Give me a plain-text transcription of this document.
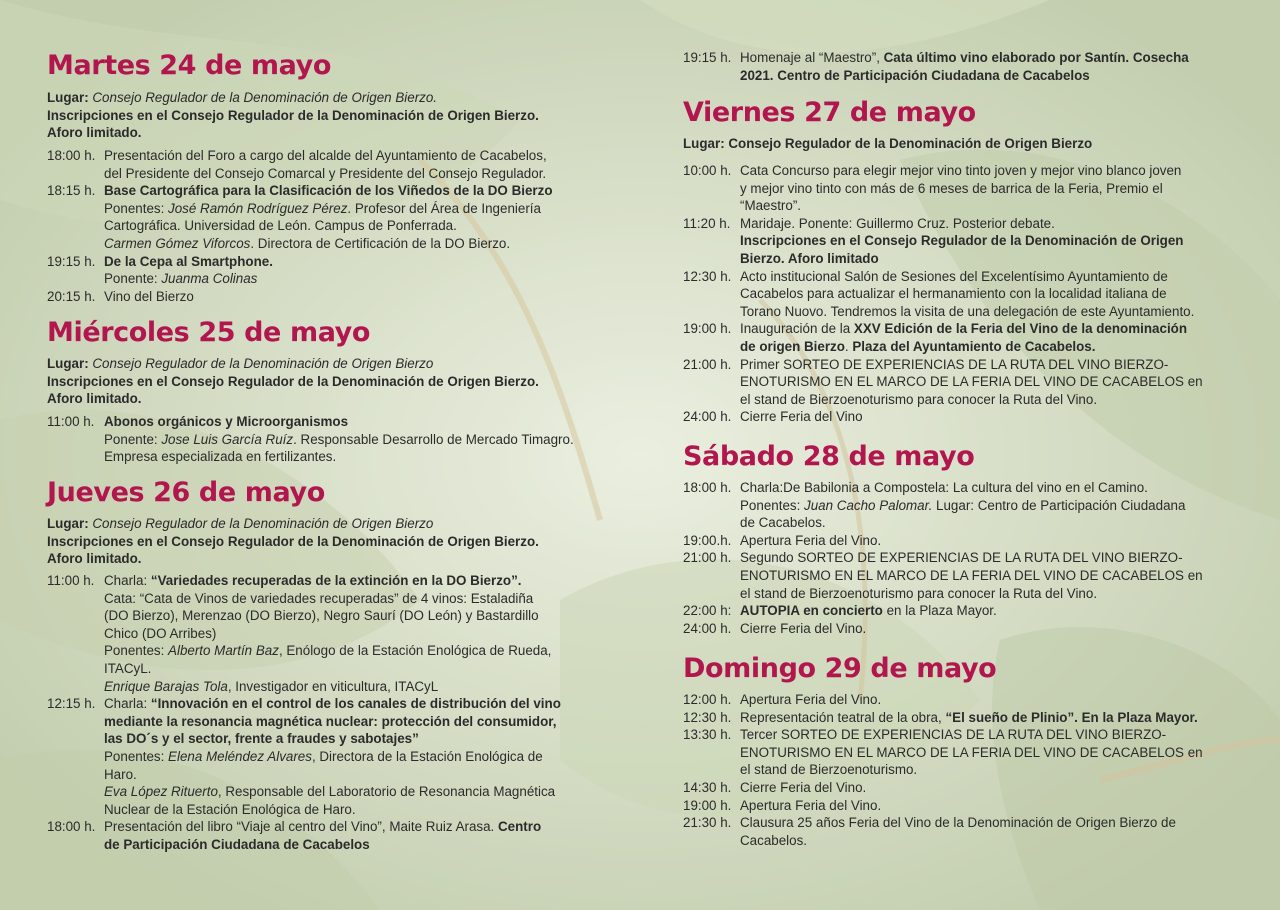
Martes 24 de mayo
Lugar: Consejo Regulador de la Denominación de Origen Bierzo.
Inscripciones en el Consejo Regulador de la Denominación de Origen Bierzo.
Aforo limitado.
18:00 h. Presentación del Foro a cargo del alcalde del Ayuntamiento de Cacabelos,
del Presidente del Consejo Comarcal y Presidente del Consejo Regulador.
18:15 h. Base Cartográfica para la Clasificación de los Viñedos de la DO Bierzo
Ponentes: José Ramón Rodríguez Pérez. Profesor del Área de Ingeniería
Cartográfica. Universidad de León. Campus de Ponferrada.
Carmen Gómez Viforcos. Directora de Certificación de la DO Bierzo.
19:15 h. De la Cepa al Smartphone.
Ponente: Juanma Colinas
20:15 h. Vino del Bierzo
Miércoles 25 de mayo
Lugar: Consejo Regulador de la Denominación de Origen Bierzo
Inscripciones en el Consejo Regulador de la Denominación de Origen Bierzo.
Aforo limitado.
11:00 h. Abonos orgánicos y Microorganismos
Ponente: Jose Luis García Ruíz. Responsable Desarrollo de Mercado Timagro.
Empresa especializada en fertilizantes.
Jueves 26 de mayo
Lugar: Consejo Regulador de la Denominación de Origen Bierzo
Inscripciones en el Consejo Regulador de la Denominación de Origen Bierzo.
Aforo limitado.
11:00 h. Charla: “Variedades recuperadas de la extinción en la DO Bierzo”.
Cata: “Cata de Vinos de variedades recuperadas” de 4 vinos: Estaladiña
(DO Bierzo), Merenzao (DO Bierzo), Negro Saurí (DO León) y Bastardillo
Chico (DO Arribes)
Ponentes: Alberto Martín Baz, Enólogo de la Estación Enológica de Rueda,
ITACyL.
Enrique Barajas Tola, Investigador en viticultura, ITACyL
12:15 h. Charla: “Innovación en el control de los canales de distribución del vino
mediante la resonancia magnética nuclear: protección del consumidor,
las DO´s y el sector, frente a fraudes y sabotajes”
Ponentes: Elena Meléndez Alvares, Directora de la Estación Enológica de
Haro.
Eva López Rituerto, Responsable del Laboratorio de Resonancia Magnética
Nuclear de la Estación Enológica de Haro.
18:00 h. Presentación del libro “Viaje al centro del Vino”, Maite Ruiz Arasa. Centro
de Participación Ciudadana de Cacabelos
19:15 h. Homenaje al “Maestro”, Cata último vino elaborado por Santín. Cosecha
2021. Centro de Participación Ciudadana de Cacabelos
Viernes 27 de mayo
Lugar: Consejo Regulador de la Denominación de Origen Bierzo
10:00 h. Cata Concurso para elegir mejor vino tinto joven y mejor vino blanco joven
y mejor vino tinto con más de 6 meses de barrica de la Feria, Premio el
“Maestro”.
11:20 h. Maridaje. Ponente: Guillermo Cruz. Posterior debate.
Inscripciones en el Consejo Regulador de la Denominación de Origen
Bierzo. Aforo limitado
12:30 h. Acto institucional Salón de Sesiones del Excelentísimo Ayuntamiento de
Cacabelos para actualizar el hermanamiento con la localidad italiana de
Torano Nuovo. Tendremos la visita de una delegación de este Ayuntamiento.
19:00 h. Inauguración de la XXV Edición de la Feria del Vino de la denominación
de origen Bierzo. Plaza del Ayuntamiento de Cacabelos.
21:00 h. Primer SORTEO DE EXPERIENCIAS DE LA RUTA DEL VINO BIERZO-
ENOTURISMO EN EL MARCO DE LA FERIA DEL VINO DE CACABELOS en
el stand de Bierzoenoturismo para conocer la Ruta del Vino.
24:00 h. Cierre Feria del Vino
Sábado 28 de mayo
18:00 h. Charla:De Babilonia a Compostela: La cultura del vino en el Camino.
Ponentes: Juan Cacho Palomar. Lugar: Centro de Participación Ciudadana
de Cacabelos.
19:00.h. Apertura Feria del Vino.
21:00 h. Segundo SORTEO DE EXPERIENCIAS DE LA RUTA DEL VINO BIERZO-
ENOTURISMO EN EL MARCO DE LA FERIA DEL VINO DE CACABELOS en
el stand de Bierzoenoturismo para conocer la Ruta del Vino.
22:00 h: AUTOPIA en concierto en la Plaza Mayor.
24:00 h. Cierre Feria del Vino.
Domingo 29 de mayo
12:00 h. Apertura Feria del Vino.
12:30 h. Representación teatral de la obra, “El sueño de Plinio”. En la Plaza Mayor.
13:30 h. Tercer SORTEO DE EXPERIENCIAS DE LA RUTA DEL VINO BIERZO-
ENOTURISMO EN EL MARCO DE LA FERIA DEL VINO DE CACABELOS en
el stand de Bierzoenoturismo.
14:30 h. Cierre Feria del Vino.
19:00 h. Apertura Feria del Vino.
21:30 h. Clausura 25 años Feria del Vino de la Denominación de Origen Bierzo de
Cacabelos.
